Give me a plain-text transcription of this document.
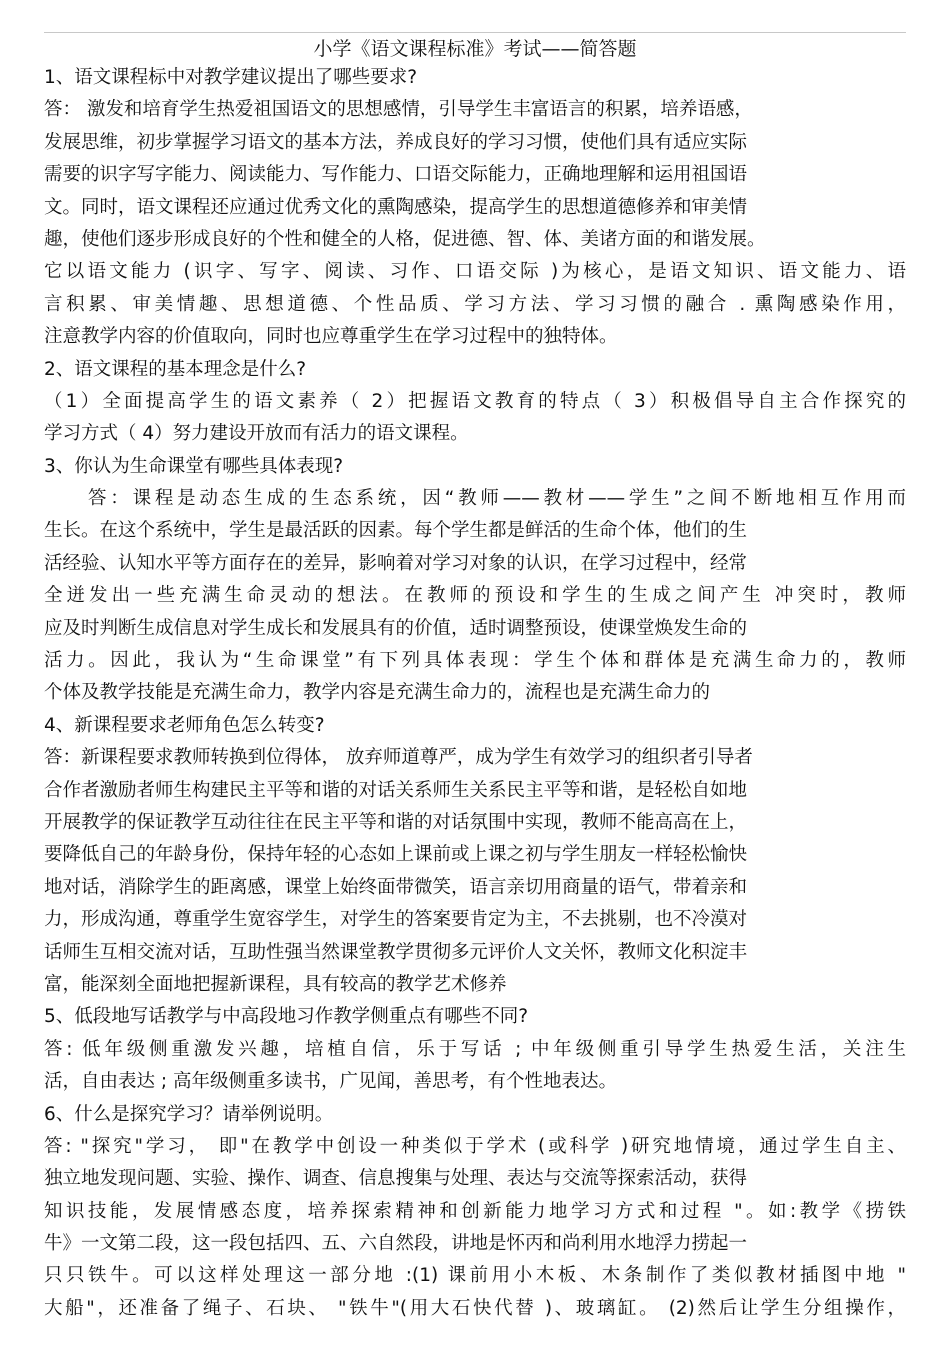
小学《语文课程标准》考试——简答题
1、语文课程标中对教学建议提出了哪些要求?
答： 激发和培育学生热爱祖国语文的思想感情，引导学生丰富语言的积累，培养语感，
发展思维，初步掌握学习语文的基本方法，养成良好的学习习惯，使他们具有适应实际
需要的识字写字能力、阅读能力、写作能力、口语交际能力，正确地理解和运用祖国语
文。同时，语文课程还应通过优秀文化的熏陶感染，提高学生的思想道德修养和审美情
趣，使他们逐步形成良好的个性和健全的人格，促进德、智、体、美诸方面的和谐发展。
它以语文能力 (识字、写字、阅读、习作、口语交际 )为核心，是语文知识、语文能力、语
言积累、审美情趣、思想道德、个性品质、学习方法、学习习惯的融合 . 熏陶感染作用，
注意教学内容的价值取向，同时也应尊重学生在学习过程中的独特体。
2、语文课程的基本理念是什么?
（1）全面提高学生的语文素养（ 2）把握语文教育的特点（ 3）积极倡导自主合作探究的
学习方式（ 4）努力建设开放而有活力的语文课程。
3、你认为生命课堂有哪些具体表现?
答：课程是动态生成的生态系统，因“教师——教材——学生”之间不断地相互作用而
生长。在这个系统中，学生是最活跃的因素。每个学生都是鲜活的生命个体，他们的生
活经验、认知水平等方面存在的差异，影响着对学习对象的认识，在学习过程中，经常
全迸发出一些充满生命灵动的想法。在教师的预设和学生的生成之间产生 冲突时，教师
应及时判断生成信息对学生成长和发展具有的价值，适时调整预设，使课堂焕发生命的
活力。因此，我认为“生命课堂”有下列具体表现：学生个体和群体是充满生命力的，教师
个体及教学技能是充满生命力，教学内容是充满生命力的，流程也是充满生命力的
4、新课程要求老师角色怎么转变?
答：新课程要求教师转换到位得体， 放弃师道尊严，成为学生有效学习的组织者引导者
合作者激励者师生构建民主平等和谐的对话关系师生关系民主平等和谐，是轻松自如地
开展教学的保证教学互动往往在民主平等和谐的对话氛围中实现，教师不能高高在上，
要降低自己的年龄身份，保持年轻的心态如上课前或上课之初与学生朋友一样轻松愉快
地对话，消除学生的距离感，课堂上始终面带微笑，语言亲切用商量的语气，带着亲和
力，形成沟通，尊重学生宽容学生，对学生的答案要肯定为主，不去挑剔，也不冷漠对
话师生互相交流对话，互助性强当然课堂教学贯彻多元评价人文关怀，教师文化积淀丰
富，能深刻全面地把握新课程，具有较高的教学艺术修养
5、低段地写话教学与中高段地习作教学侧重点有哪些不同?
答: 低年级侧重激发兴趣，培植自信，乐于写话 ; 中年级侧重引导学生热爱生活，关注生
活，自由表达 ; 高年级侧重多读书，广见闻，善思考，有个性地表达。
6、什么是探究学习？请举例说明。
答: "探究"学习， 即"在教学中创设一种类似于学术 (或科学 )研究地情境，通过学生自主、
独立地发现问题、实验、操作、调查、信息搜集与处理、表达与交流等探索活动，获得
知识技能，发展情感态度，培养探索精神和创新能力地学习方式和过程 "。如:教学《捞铁
牛》一文第二段，这一段包括四、五、六自然段，讲地是怀丙和尚利用水地浮力捞起一
只只铁牛。可以这样处理这一部分地 :(1) 课前用小木板、木条制作了类似教材插图中地 "
大船"，还准备了绳子、石块、 "铁牛"(用大石快代替 )、玻璃缸。 (2)然后让学生分组操作，
